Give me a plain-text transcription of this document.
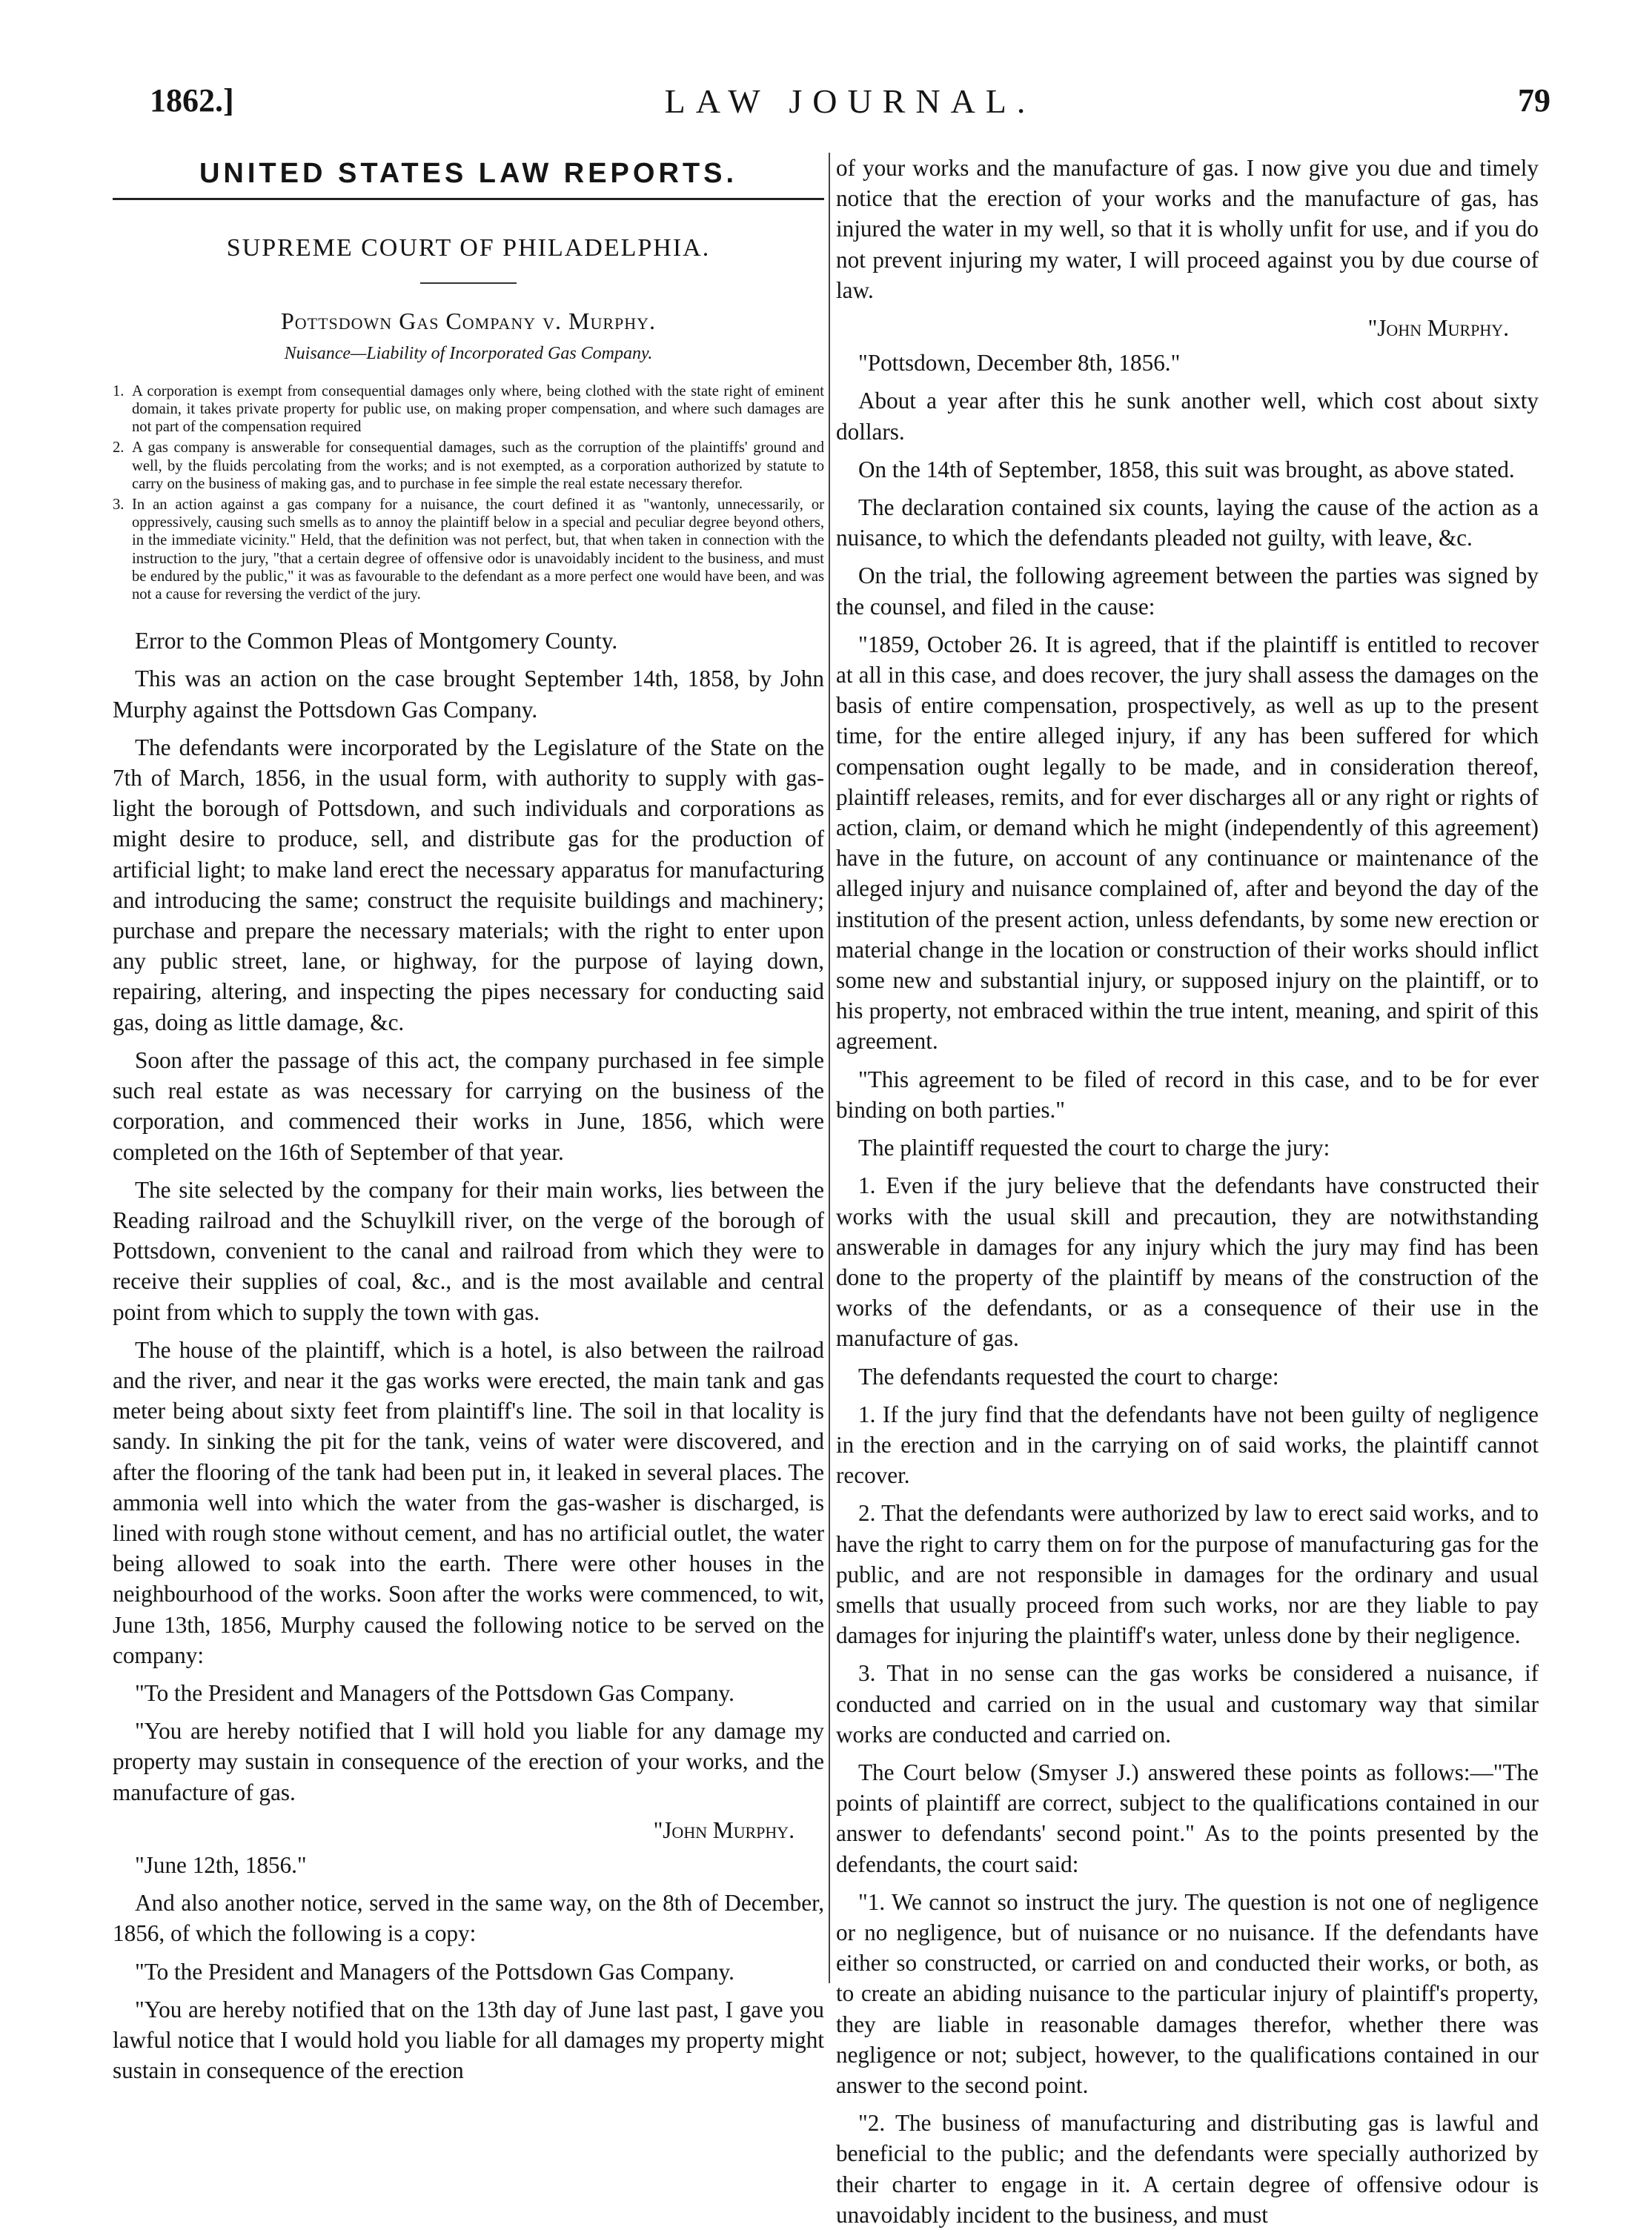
1862.]	LAW JOURNAL.	79

UNITED STATES LAW REPORTS.

SUPREME COURT OF PHILADELPHIA.

Pottsdown Gas Company v. Murphy.

Nuisance—Liability of Incorporated Gas Company.

1. A corporation is exempt from consequential damages only where, being clothed with the state right of eminent domain, it takes private property for public use, on making proper compensation, and where such damages are not part of the compensation required
2. A gas company is answerable for consequential damages, such as the corruption of the plaintiffs' ground and well, by the fluids percolating from the works; and is not exempted, as a corporation authorized by statute to carry on the business of making gas, and to purchase in fee simple the real estate necessary therefor.
3. In an action against a gas company for a nuisance, the court defined it as "wantonly, unnecessarily, or oppressively, causing such smells as to annoy the plaintiff below in a special and peculiar degree beyond others, in the immediate vicinity." Held, that the definition was not perfect, but, that when taken in connection with the instruction to the jury, "that a certain degree of offensive odor is unavoidably incident to the business, and must be endured by the public," it was as favourable to the defendant as a more perfect one would have been, and was not a cause for reversing the verdict of the jury.

Error to the Common Pleas of Montgomery County.

This was an action on the case brought September 14th, 1858, by John Murphy against the Pottsdown Gas Company.

The defendants were incorporated by the Legislature of the State on the 7th of March, 1856, in the usual form, with authority to supply with gas-light the borough of Pottsdown, and such individuals and corporations as might desire to produce, sell, and distribute gas for the production of artificial light; to make land erect the necessary apparatus for manufacturing and introducing the same; construct the requisite buildings and machinery; purchase and prepare the necessary materials; with the right to enter upon any public street, lane, or highway, for the purpose of laying down, repairing, altering, and inspecting the pipes necessary for conducting said gas, doing as little damage, &c.

Soon after the passage of this act, the company purchased in fee simple such real estate as was necessary for carrying on the business of the corporation, and commenced their works in June, 1856, which were completed on the 16th of September of that year.

The site selected by the company for their main works, lies between the Reading railroad and the Schuylkill river, on the verge of the borough of Pottsdown, convenient to the canal and railroad from which they were to receive their supplies of coal, &c., and is the most available and central point from which to supply the town with gas.

The house of the plaintiff, which is a hotel, is also between the railroad and the river, and near it the gas works were erected, the main tank and gas meter being about sixty feet from plaintiff's line. The soil in that locality is sandy. In sinking the pit for the tank, veins of water were discovered, and after the flooring of the tank had been put in, it leaked in several places. The ammonia well into which the water from the gas-washer is discharged, is lined with rough stone without cement, and has no artificial outlet, the water being allowed to soak into the earth. There were other houses in the neighbourhood of the works. Soon after the works were commenced, to wit, June 13th, 1856, Murphy caused the following notice to be served on the company:

"To the President and Managers of the Pottsdown Gas Company.

"You are hereby notified that I will hold you liable for any damage my property may sustain in consequence of the erection of your works, and the manufacture of gas.

"John Murphy.

"June 12th, 1856."

And also another notice, served in the same way, on the 8th of December, 1856, of which the following is a copy:

"To the President and Managers of the Pottsdown Gas Company.

"You are hereby notified that on the 13th day of June last past, I gave you lawful notice that I would hold you liable for all damages my property might sustain in consequence of the erection

of your works and the manufacture of gas. I now give you due and timely notice that the erection of your works and the manufacture of gas, has injured the water in my well, so that it is wholly unfit for use, and if you do not prevent injuring my water, I will proceed against you by due course of law.

"John Murphy.

"Pottsdown, December 8th, 1856."

About a year after this he sunk another well, which cost about sixty dollars.

On the 14th of September, 1858, this suit was brought, as above stated.

The declaration contained six counts, laying the cause of the action as a nuisance, to which the defendants pleaded not guilty, with leave, &c.

On the trial, the following agreement between the parties was signed by the counsel, and filed in the cause:

"1859, October 26. It is agreed, that if the plaintiff is entitled to recover at all in this case, and does recover, the jury shall assess the damages on the basis of entire compensation, prospectively, as well as up to the present time, for the entire alleged injury, if any has been suffered for which compensation ought legally to be made, and in consideration thereof, plaintiff releases, remits, and for ever discharges all or any right or rights of action, claim, or demand which he might (independently of this agreement) have in the future, on account of any continuance or maintenance of the alleged injury and nuisance complained of, after and beyond the day of the institution of the present action, unless defendants, by some new erection or material change in the location or construction of their works should inflict some new and substantial injury, or supposed injury on the plaintiff, or to his property, not embraced within the true intent, meaning, and spirit of this agreement.

"This agreement to be filed of record in this case, and to be for ever binding on both parties."

The plaintiff requested the court to charge the jury:

1. Even if the jury believe that the defendants have constructed their works with the usual skill and precaution, they are notwithstanding answerable in damages for any injury which the jury may find has been done to the property of the plaintiff by means of the construction of the works of the defendants, or as a consequence of their use in the manufacture of gas.

The defendants requested the court to charge:

1. If the jury find that the defendants have not been guilty of negligence in the erection and in the carrying on of said works, the plaintiff cannot recover.

2. That the defendants were authorized by law to erect said works, and to have the right to carry them on for the purpose of manufacturing gas for the public, and are not responsible in damages for the ordinary and usual smells that usually proceed from such works, nor are they liable to pay damages for injuring the plaintiff's water, unless done by their negligence.

3. That in no sense can the gas works be considered a nuisance, if conducted and carried on in the usual and customary way that similar works are conducted and carried on.

The Court below (Smyser J.) answered these points as follows:—"The points of plaintiff are correct, subject to the qualifications contained in our answer to defendants' second point." As to the points presented by the defendants, the court said:

"1. We cannot so instruct the jury. The question is not one of negligence or no negligence, but of nuisance or no nuisance. If the defendants have either so constructed, or carried on and conducted their works, or both, as to create an abiding nuisance to the particular injury of plaintiff's property, they are liable in reasonable damages therefor, whether there was negligence or not; subject, however, to the qualifications contained in our answer to the second point.

"2. The business of manufacturing and distributing gas is lawful and beneficial to the public; and the defendants were specially authorized by their charter to engage in it. A certain degree of offensive odour is unavoidably incident to the business, and must
